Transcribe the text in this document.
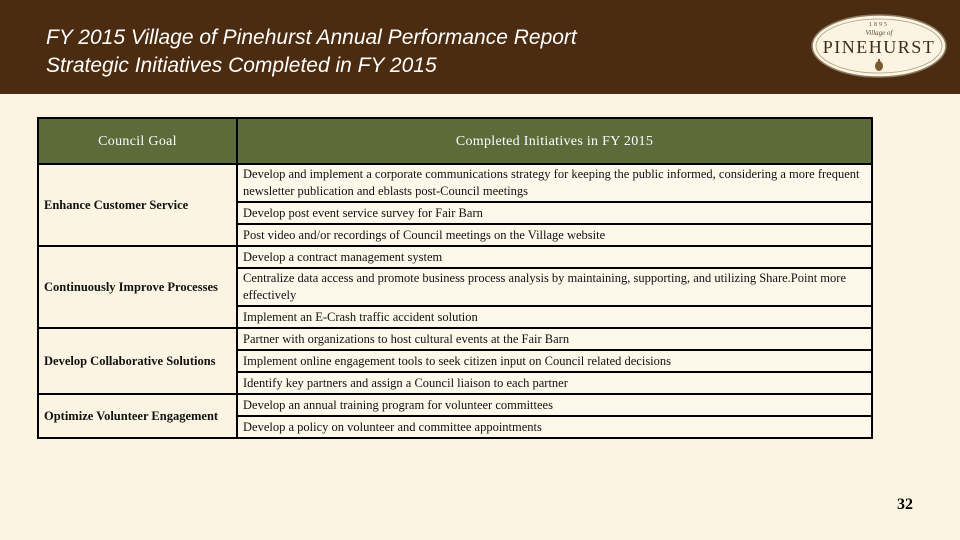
FY 2015 Village of Pinehurst Annual Performance Report
Strategic Initiatives Completed in FY 2015
1895
Village of
PINEHURST
Council Goal	Completed Initiatives in FY 2015
Enhance Customer Service	Develop and implement a corporate communications strategy for keeping the public informed, considering a more frequent newsletter publication and eblasts post-Council meetings
	Develop post event service survey for Fair Barn
	Post video and/or recordings of Council meetings on the Village website
Continuously Improve Processes	Develop a contract management system
	Centralize data access and promote business process analysis by maintaining, supporting, and utilizing Share.Point more effectively
	Implement an E-Crash traffic accident solution
Develop Collaborative Solutions	Partner with organizations to host cultural events at the Fair Barn
	Implement online engagement tools to seek citizen input on Council related decisions
	Identify key partners and assign a Council liaison to each partner
Optimize Volunteer Engagement	Develop an annual training program for volunteer committees
	Develop a policy on volunteer and committee appointments
32
